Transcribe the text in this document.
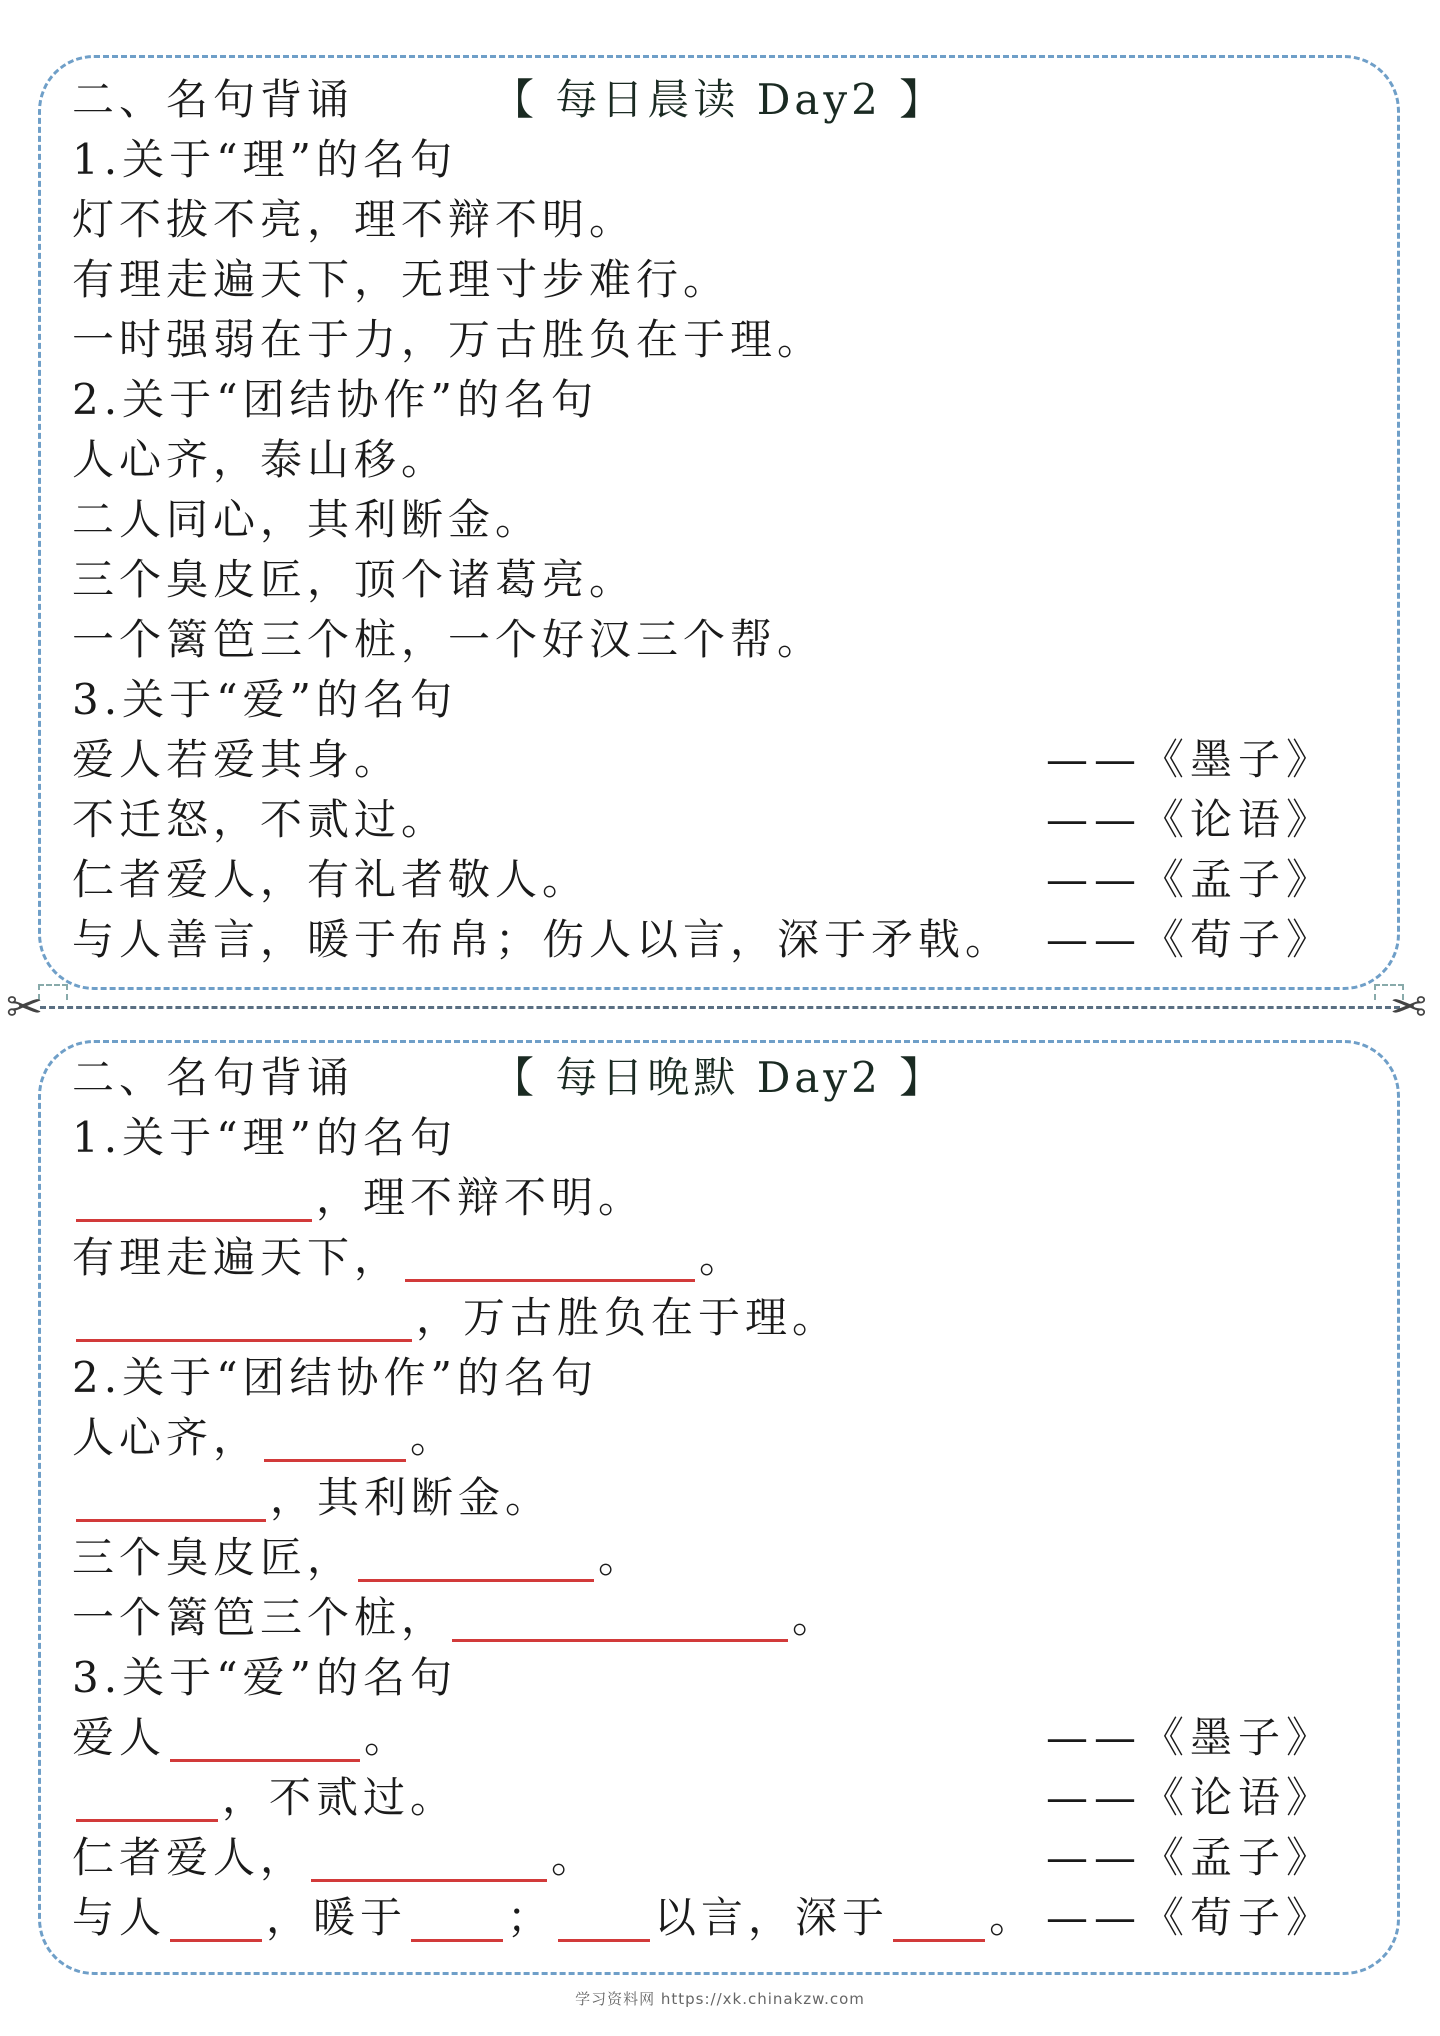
二、名句背诵	【 每日晨读 Day2 】
1.关于“理”的名句
灯不拔不亮，理不辩不明。
有理走遍天下，无理寸步难行。
一时强弱在于力，万古胜负在于理。
2.关于“团结协作”的名句
人心齐，泰山移。
二人同心，其利断金。
三个臭皮匠，顶个诸葛亮。
一个篱笆三个桩，一个好汉三个帮。
3.关于“爱”的名句
爱人若爱其身。	——《墨子》
不迁怒，不贰过。	——《论语》
仁者爱人，有礼者敬人。	——《孟子》
与人善言，暖于布帛；伤人以言，深于矛戟。 ——《荀子》
✂	✂
二、名句背诵	【 每日晚默 Day2 】
1.关于“理”的名句
，理不辩不明。
有理走遍天下，	。
，万古胜负在于理。
2.关于“团结协作”的名句
人心齐，	。
，其利断金。
三个臭皮匠，	。
一个篱笆三个桩，	。
3.关于“爱”的名句
爱人	。	——《墨子》
，不贰过。	——《论语》
仁者爱人，	。	——《孟子》
与人 ，暖于 ； 以言，深于 。 ——《荀子》
学习资料网 https://xk.chinakzw.com
